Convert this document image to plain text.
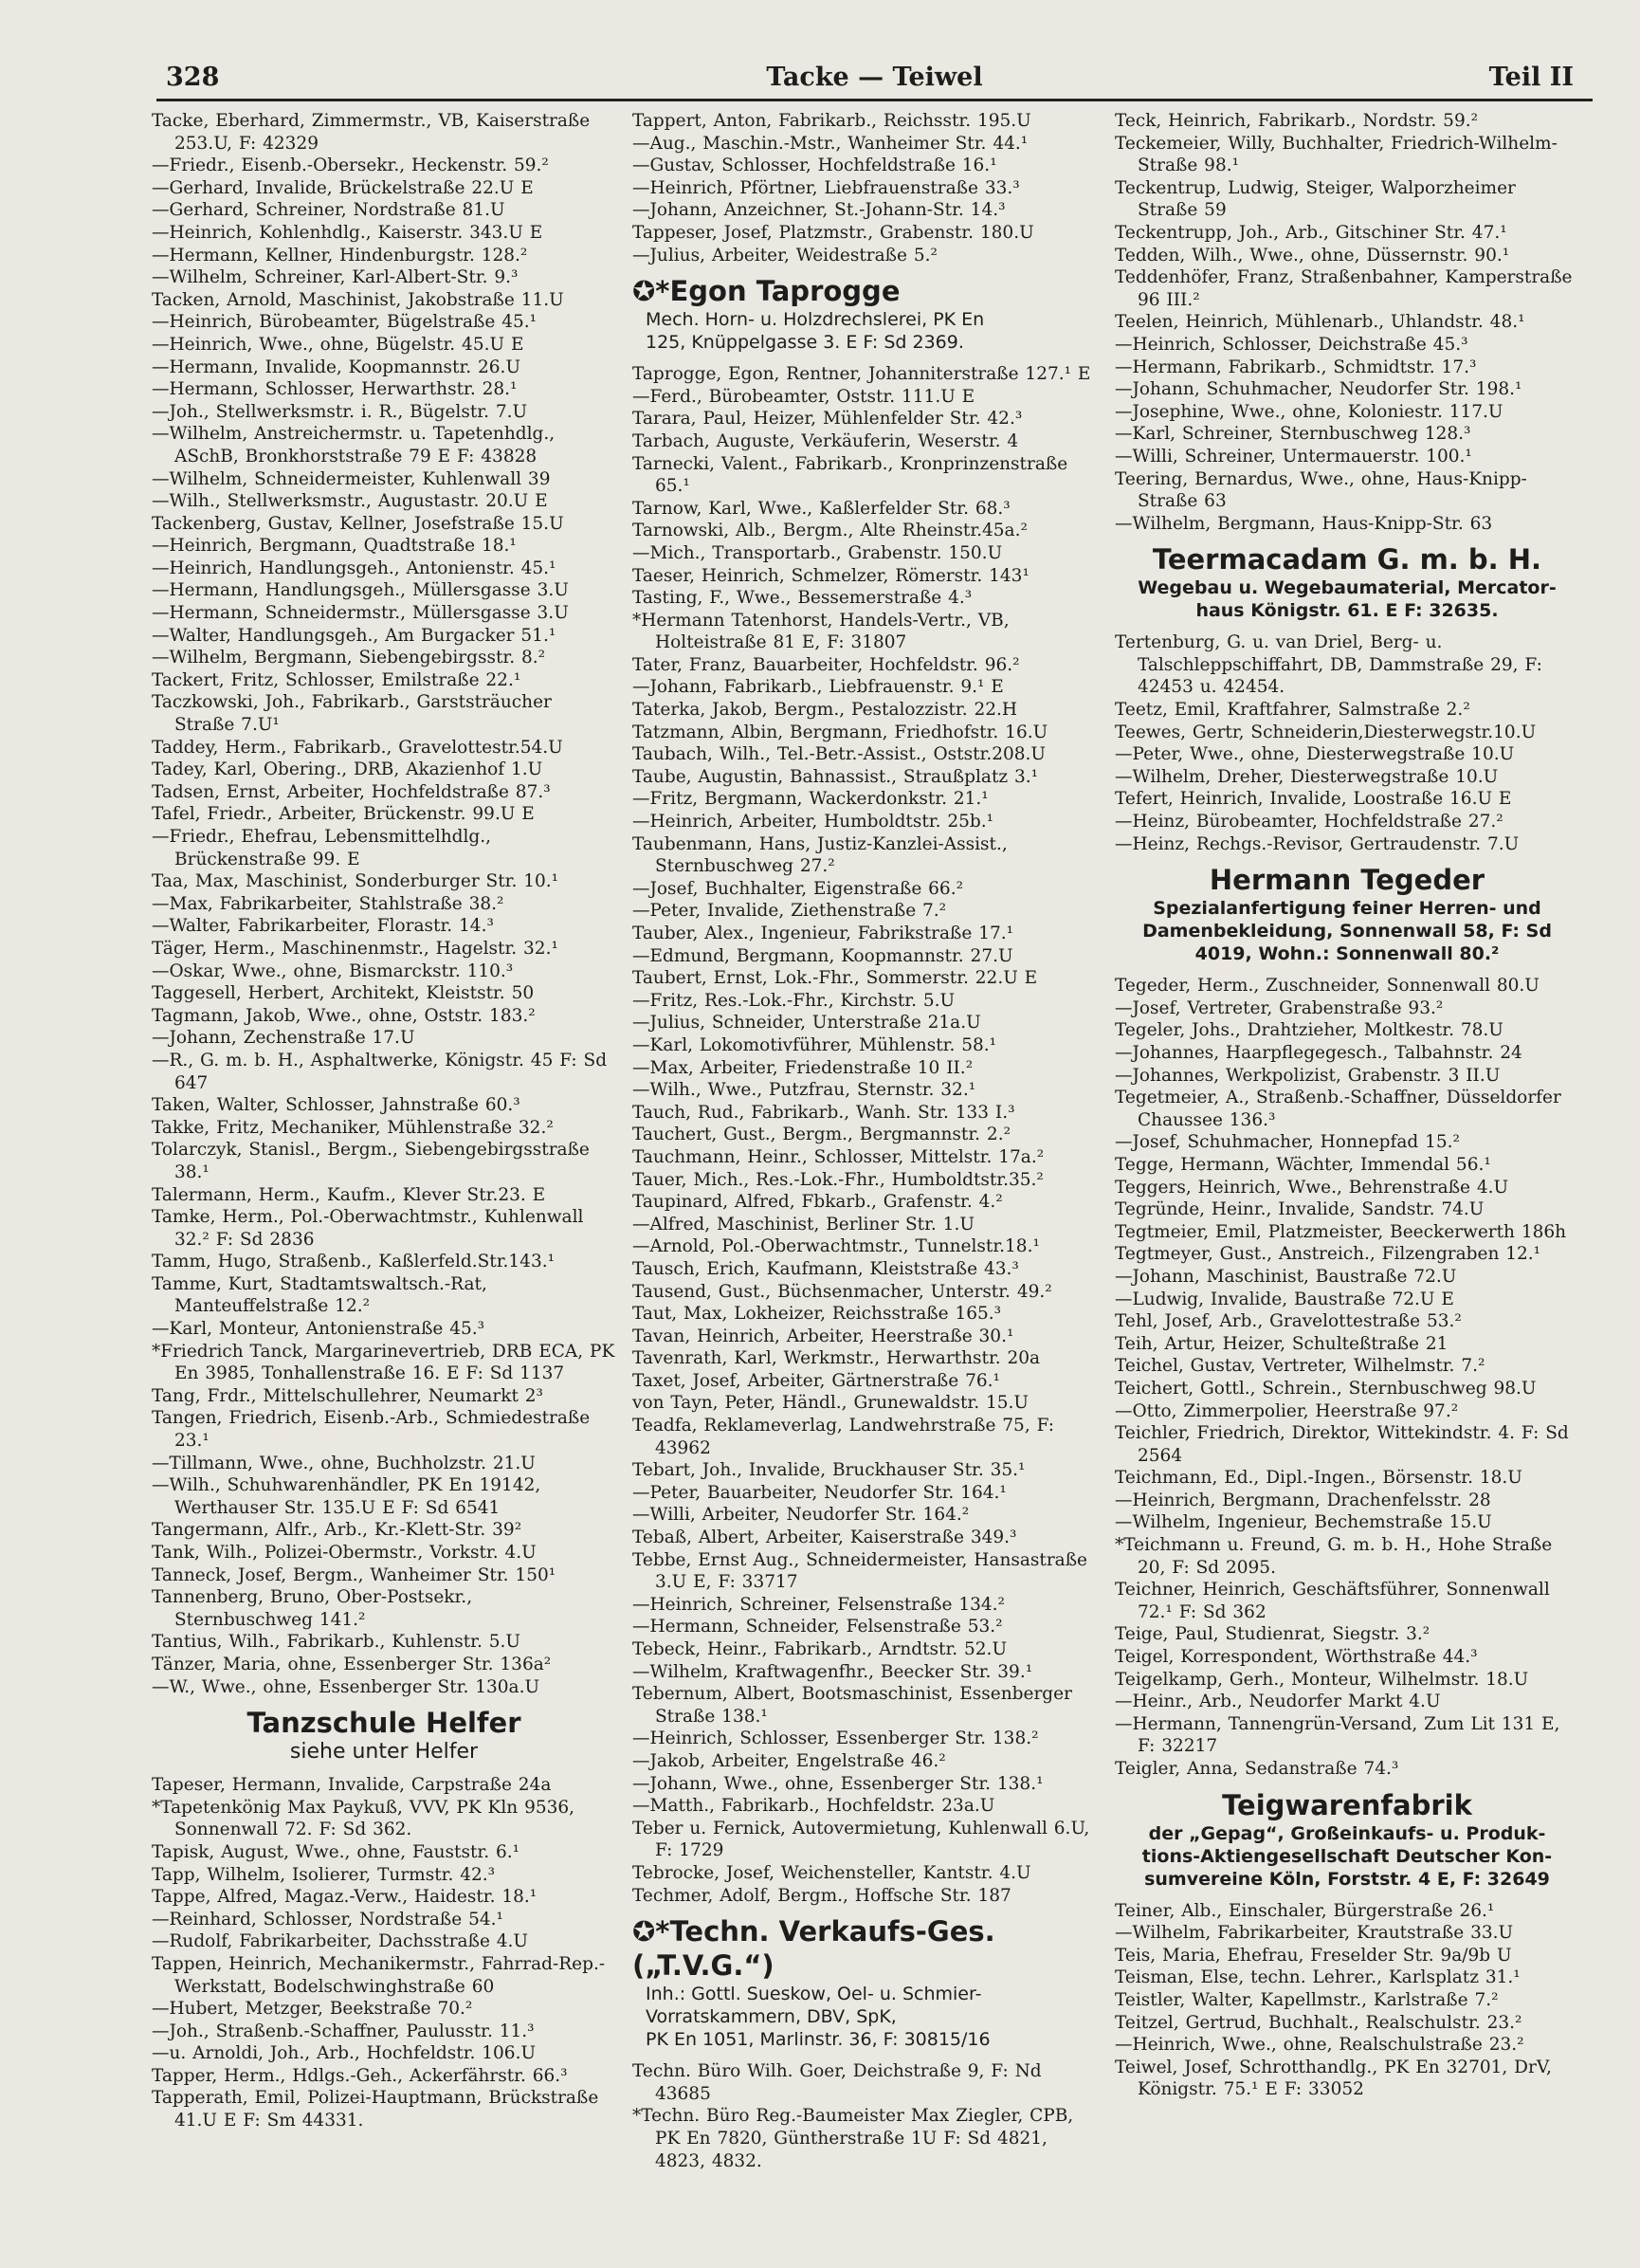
328	Tacke — Teiwel	Teil II
Tacke, Eberhard, Zimmermstr., VB, Kaiserstraße 253.U, F: 42329
—Friedr., Eisenb.-Obersekr., Heckenstr. 59.²
—Gerhard, Invalide, Brückelstraße 22.U E
—Gerhard, Schreiner, Nordstraße 81.U
—Heinrich, Kohlenhdlg., Kaiserstr. 343.U E
—Hermann, Kellner, Hindenburgstr. 128.²
—Wilhelm, Schreiner, Karl-Albert-Str. 9.³
Tacken, Arnold, Maschinist, Jakobstraße 11.U
—Heinrich, Bürobeamter, Bügelstraße 45.¹
—Heinrich, Wwe., ohne, Bügelstr. 45.U E
—Hermann, Invalide, Koopmannstr. 26.U
—Hermann, Schlosser, Herwarthstr. 28.¹
—Joh., Stellwerksmstr. i. R., Bügelstr. 7.U
—Wilhelm, Anstreichermstr. u. Tapetenhdlg., ASchB, Bronkhorststraße 79 E F: 43828
—Wilhelm, Schneidermeister, Kuhlenwall 39
—Wilh., Stellwerksmstr., Augustastr. 20.U E
Tackenberg, Gustav, Kellner, Josefstraße 15.U
—Heinrich, Bergmann, Quadtstraße 18.¹
—Heinrich, Handlungsgeh., Antonienstr. 45.¹
—Hermann, Handlungsgeh., Müllersgasse 3.U
—Hermann, Schneidermstr., Müllersgasse 3.U
—Walter, Handlungsgeh., Am Burgacker 51.¹
—Wilhelm, Bergmann, Siebengebirgsstr. 8.²
Tackert, Fritz, Schlosser, Emilstraße 22.¹
Taczkowski, Joh., Fabrikarb., Garststräucher Straße 7.U¹
Taddey, Herm., Fabrikarb., Gravelottestr.54.U
Tadey, Karl, Obering., DRB, Akazienhof 1.U
Tadsen, Ernst, Arbeiter, Hochfeldstraße 87.³
Tafel, Friedr., Arbeiter, Brückenstr. 99.U E
—Friedr., Ehefrau, Lebensmittelhdlg., Brückenstraße 99. E
Taa, Max, Maschinist, Sonderburger Str. 10.¹
—Max, Fabrikarbeiter, Stahlstraße 38.²
—Walter, Fabrikarbeiter, Florastr. 14.³
Täger, Herm., Maschinenmstr., Hagelstr. 32.¹
—Oskar, Wwe., ohne, Bismarckstr. 110.³
Taggesell, Herbert, Architekt, Kleiststr. 50
Tagmann, Jakob, Wwe., ohne, Oststr. 183.²
—Johann, Zechenstraße 17.U
—R., G. m. b. H., Asphaltwerke, Königstr. 45 F: Sd 647
Taken, Walter, Schlosser, Jahnstraße 60.³
Takke, Fritz, Mechaniker, Mühlenstraße 32.²
Tolarczyk, Stanisl., Bergm., Siebengebirgsstraße 38.¹
Talermann, Herm., Kaufm., Klever Str.23. E
Tamke, Herm., Pol.-Oberwachtmstr., Kuhlenwall 32.² F: Sd 2836
Tamm, Hugo, Straßenb., Kaßlerfeld.Str.143.¹
Tamme, Kurt, Stadtamtswaltsch.-Rat, Manteuffelstraße 12.²
—Karl, Monteur, Antonienstraße 45.³
*Friedrich Tanck, Margarinevertrieb, DRB ECA, PK En 3985, Tonhallenstraße 16. E F: Sd 1137
Tang, Frdr., Mittelschullehrer, Neumarkt 2³
Tangen, Friedrich, Eisenb.-Arb., Schmiedestraße 23.¹
—Tillmann, Wwe., ohne, Buchholzstr. 21.U
—Wilh., Schuhwarenhändler, PK En 19142, Werthauser Str. 135.U E F: Sd 6541
Tangermann, Alfr., Arb., Kr.-Klett-Str. 39²
Tank, Wilh., Polizei-Obermstr., Vorkstr. 4.U
Tanneck, Josef, Bergm., Wanheimer Str. 150¹
Tannenberg, Bruno, Ober-Postsekr., Sternbuschweg 141.²
Tantius, Wilh., Fabrikarb., Kuhlenstr. 5.U
Tänzer, Maria, ohne, Essenberger Str. 136a²
—W., Wwe., ohne, Essenberger Str. 130a.U
Tanzschule Helfer
siehe unter Helfer
Tapeser, Hermann, Invalide, Carpstraße 24a
*Tapetenkönig Max Paykuß, VVV, PK Kln 9536, Sonnenwall 72. F: Sd 362.
Tapisk, August, Wwe., ohne, Fauststr. 6.¹
Tapp, Wilhelm, Isolierer, Turmstr. 42.³
Tappe, Alfred, Magaz.-Verw., Haidestr. 18.¹
—Reinhard, Schlosser, Nordstraße 54.¹
—Rudolf, Fabrikarbeiter, Dachsstraße 4.U
Tappen, Heinrich, Mechanikermstr., Fahrrad-Rep.-Werkstatt, Bodelschwinghstraße 60
—Hubert, Metzger, Beekstraße 70.²
—Joh., Straßenb.-Schaffner, Paulusstr. 11.³
—u. Arnoldi, Joh., Arb., Hochfeldstr. 106.U
Tapper, Herm., Hdlgs.-Geh., Ackerfährstr. 66.³
Tapperath, Emil, Polizei-Hauptmann, Brückstraße 41.U E F: Sm 44331.
Tappert, Anton, Fabrikarb., Reichsstr. 195.U
—Aug., Maschin.-Mstr., Wanheimer Str. 44.¹
—Gustav, Schlosser, Hochfeldstraße 16.¹
—Heinrich, Pförtner, Liebfrauenstraße 33.³
—Johann, Anzeichner, St.-Johann-Str. 14.³
Tappeser, Josef, Platzmstr., Grabenstr. 180.U
—Julius, Arbeiter, Weidestraße 5.²
✪*Egon Taprogge
Mech. Horn- u. Holzdrechslerei, PK En
125, Knüppelgasse 3. E F: Sd 2369.
Taprogge, Egon, Rentner, Johanniterstraße 127.¹ E
—Ferd., Bürobeamter, Oststr. 111.U E
Tarara, Paul, Heizer, Mühlenfelder Str. 42.³
Tarbach, Auguste, Verkäuferin, Weserstr. 4
Tarnecki, Valent., Fabrikarb., Kronprinzenstraße 65.¹
Tarnow, Karl, Wwe., Kaßlerfelder Str. 68.³
Tarnowski, Alb., Bergm., Alte Rheinstr.45a.²
—Mich., Transportarb., Grabenstr. 150.U
Taeser, Heinrich, Schmelzer, Römerstr. 143¹
Tasting, F., Wwe., Bessemerstraße 4.³
*Hermann Tatenhorst, Handels-Vertr., VB, Holteistraße 81 E, F: 31807
Tater, Franz, Bauarbeiter, Hochfeldstr. 96.²
—Johann, Fabrikarb., Liebfrauenstr. 9.¹ E
Taterka, Jakob, Bergm., Pestalozzistr. 22.H
Tatzmann, Albin, Bergmann, Friedhofstr. 16.U
Taubach, Wilh., Tel.-Betr.-Assist., Oststr.208.U
Taube, Augustin, Bahnassist., Straußplatz 3.¹
—Fritz, Bergmann, Wackerdonkstr. 21.¹
—Heinrich, Arbeiter, Humboldtstr. 25b.¹
Taubenmann, Hans, Justiz-Kanzlei-Assist., Sternbuschweg 27.²
—Josef, Buchhalter, Eigenstraße 66.²
—Peter, Invalide, Ziethenstraße 7.²
Tauber, Alex., Ingenieur, Fabrikstraße 17.¹
—Edmund, Bergmann, Koopmannstr. 27.U
Taubert, Ernst, Lok.-Fhr., Sommerstr. 22.U E
—Fritz, Res.-Lok.-Fhr., Kirchstr. 5.U
—Julius, Schneider, Unterstraße 21a.U
—Karl, Lokomotivführer, Mühlenstr. 58.¹
—Max, Arbeiter, Friedenstraße 10 II.²
—Wilh., Wwe., Putzfrau, Sternstr. 32.¹
Tauch, Rud., Fabrikarb., Wanh. Str. 133 I.³
Tauchert, Gust., Bergm., Bergmannstr. 2.²
Tauchmann, Heinr., Schlosser, Mittelstr. 17a.²
Tauer, Mich., Res.-Lok.-Fhr., Humboldtstr.35.²
Taupinard, Alfred, Fbkarb., Grafenstr. 4.²
—Alfred, Maschinist, Berliner Str. 1.U
—Arnold, Pol.-Oberwachtmstr., Tunnelstr.18.¹
Tausch, Erich, Kaufmann, Kleiststraße 43.³
Tausend, Gust., Büchsenmacher, Unterstr. 49.²
Taut, Max, Lokheizer, Reichsstraße 165.³
Tavan, Heinrich, Arbeiter, Heerstraße 30.¹
Tavenrath, Karl, Werkmstr., Herwarthstr. 20a
Taxet, Josef, Arbeiter, Gärtnerstraße 76.¹
von Tayn, Peter, Händl., Grunewaldstr. 15.U
Teadfa, Reklameverlag, Landwehrstraße 75, F: 43962
Tebart, Joh., Invalide, Bruckhauser Str. 35.¹
—Peter, Bauarbeiter, Neudorfer Str. 164.¹
—Willi, Arbeiter, Neudorfer Str. 164.²
Tebaß, Albert, Arbeiter, Kaiserstraße 349.³
Tebbe, Ernst Aug., Schneidermeister, Hansastraße 3.U E, F: 33717
—Heinrich, Schreiner, Felsenstraße 134.²
—Hermann, Schneider, Felsenstraße 53.²
Tebeck, Heinr., Fabrikarb., Arndtstr. 52.U
—Wilhelm, Kraftwagenfhr., Beecker Str. 39.¹
Tebernum, Albert, Bootsmaschinist, Essenberger Straße 138.¹
—Heinrich, Schlosser, Essenberger Str. 138.²
—Jakob, Arbeiter, Engelstraße 46.²
—Johann, Wwe., ohne, Essenberger Str. 138.¹
—Matth., Fabrikarb., Hochfeldstr. 23a.U
Teber u. Fernick, Autovermietung, Kuhlenwall 6.U, F: 1729
Tebrocke, Josef, Weichensteller, Kantstr. 4.U
Techmer, Adolf, Bergm., Hoffsche Str. 187
✪*Techn. Verkaufs-Ges. („T.V.G.“)
Inh.: Gottl. Sueskow, Oel- u. Schmier-
Vorratskammern, DBV, SpK,
PK En 1051, Marlinstr. 36, F: 30815/16
Techn. Büro Wilh. Goer, Deichstraße 9, F: Nd 43685
*Techn. Büro Reg.-Baumeister Max Ziegler, CPB, PK En 7820, Güntherstraße 1U F: Sd 4821, 4823, 4832.
Teck, Heinrich, Fabrikarb., Nordstr. 59.²
Teckemeier, Willy, Buchhalter, Friedrich-Wilhelm-Straße 98.¹
Teckentrup, Ludwig, Steiger, Walporzheimer Straße 59
Teckentrupp, Joh., Arb., Gitschiner Str. 47.¹
Tedden, Wilh., Wwe., ohne, Düssernstr. 90.¹
Teddenhöfer, Franz, Straßenbahner, Kamperstraße 96 III.²
Teelen, Heinrich, Mühlenarb., Uhlandstr. 48.¹
—Heinrich, Schlosser, Deichstraße 45.³
—Hermann, Fabrikarb., Schmidtstr. 17.³
—Johann, Schuhmacher, Neudorfer Str. 198.¹
—Josephine, Wwe., ohne, Koloniestr. 117.U
—Karl, Schreiner, Sternbuschweg 128.³
—Willi, Schreiner, Untermauerstr. 100.¹
Teering, Bernardus, Wwe., ohne, Haus-Knipp-Straße 63
—Wilhelm, Bergmann, Haus-Knipp-Str. 63
Teermacadam G. m. b. H.
Wegebau u. Wegebaumaterial, Mercator-
haus Königstr. 61. E F: 32635.
Tertenburg, G. u. van Driel, Berg- u. Talschleppschiffahrt, DB, Dammstraße 29, F: 42453 u. 42454.
Teetz, Emil, Kraftfahrer, Salmstraße 2.²
Teewes, Gertr, Schneiderin,Diesterwegstr.10.U
—Peter, Wwe., ohne, Diesterwegstraße 10.U
—Wilhelm, Dreher, Diesterwegstraße 10.U
Tefert, Heinrich, Invalide, Loostraße 16.U E
—Heinz, Bürobeamter, Hochfeldstraße 27.²
—Heinz, Rechgs.-Revisor, Gertraudenstr. 7.U
Hermann Tegeder
Spezialanfertigung feiner Herren- und
Damenbekleidung, Sonnenwall 58, F: Sd
4019, Wohn.: Sonnenwall 80.²
Tegeder, Herm., Zuschneider, Sonnenwall 80.U
—Josef, Vertreter, Grabenstraße 93.²
Tegeler, Johs., Drahtzieher, Moltkestr. 78.U
—Johannes, Haarpflegegesch., Talbahnstr. 24
—Johannes, Werkpolizist, Grabenstr. 3 II.U
Tegetmeier, A., Straßenb.-Schaffner, Düsseldorfer Chaussee 136.³
—Josef, Schuhmacher, Honnepfad 15.²
Tegge, Hermann, Wächter, Immendal 56.¹
Teggers, Heinrich, Wwe., Behrenstraße 4.U
Tegründe, Heinr., Invalide, Sandstr. 74.U
Tegtmeier, Emil, Platzmeister, Beeckerwerth 186h
Tegtmeyer, Gust., Anstreich., Filzengraben 12.¹
—Johann, Maschinist, Baustraße 72.U
—Ludwig, Invalide, Baustraße 72.U E
Tehl, Josef, Arb., Gravelottestraße 53.²
Teih, Artur, Heizer, Schulteßtraße 21
Teichel, Gustav, Vertreter, Wilhelmstr. 7.²
Teichert, Gottl., Schrein., Sternbuschweg 98.U
—Otto, Zimmerpolier, Heerstraße 97.²
Teichler, Friedrich, Direktor, Wittekindstr. 4. F: Sd 2564
Teichmann, Ed., Dipl.-Ingen., Börsenstr. 18.U
—Heinrich, Bergmann, Drachenfelsstr. 28
—Wilhelm, Ingenieur, Bechemstraße 15.U
*Teichmann u. Freund, G. m. b. H., Hohe Straße 20, F: Sd 2095.
Teichner, Heinrich, Geschäftsführer, Sonnenwall 72.¹ F: Sd 362
Teige, Paul, Studienrat, Siegstr. 3.²
Teigel, Korrespondent, Wörthstraße 44.³
Teigelkamp, Gerh., Monteur, Wilhelmstr. 18.U
—Heinr., Arb., Neudorfer Markt 4.U
—Hermann, Tannengrün-Versand, Zum Lit 131 E, F: 32217
Teigler, Anna, Sedanstraße 74.³
Teigwarenfabrik
der „Gepag“, Großeinkaufs- u. Produk-
tions-Aktiengesellschaft Deutscher Kon-
sumvereine Köln, Forststr. 4 E, F: 32649
Teiner, Alb., Einschaler, Bürgerstraße 26.¹
—Wilhelm, Fabrikarbeiter, Krautstraße 33.U
Teis, Maria, Ehefrau, Freselder Str. 9a/9b U
Teisman, Else, techn. Lehrer., Karlsplatz 31.¹
Teistler, Walter, Kapellmstr., Karlstraße 7.²
Teitzel, Gertrud, Buchhalt., Realschulstr. 23.²
—Heinrich, Wwe., ohne, Realschulstraße 23.²
Teiwel, Josef, Schrotthandlg., PK En 32701, DrV, Königstr. 75.¹ E F: 33052
